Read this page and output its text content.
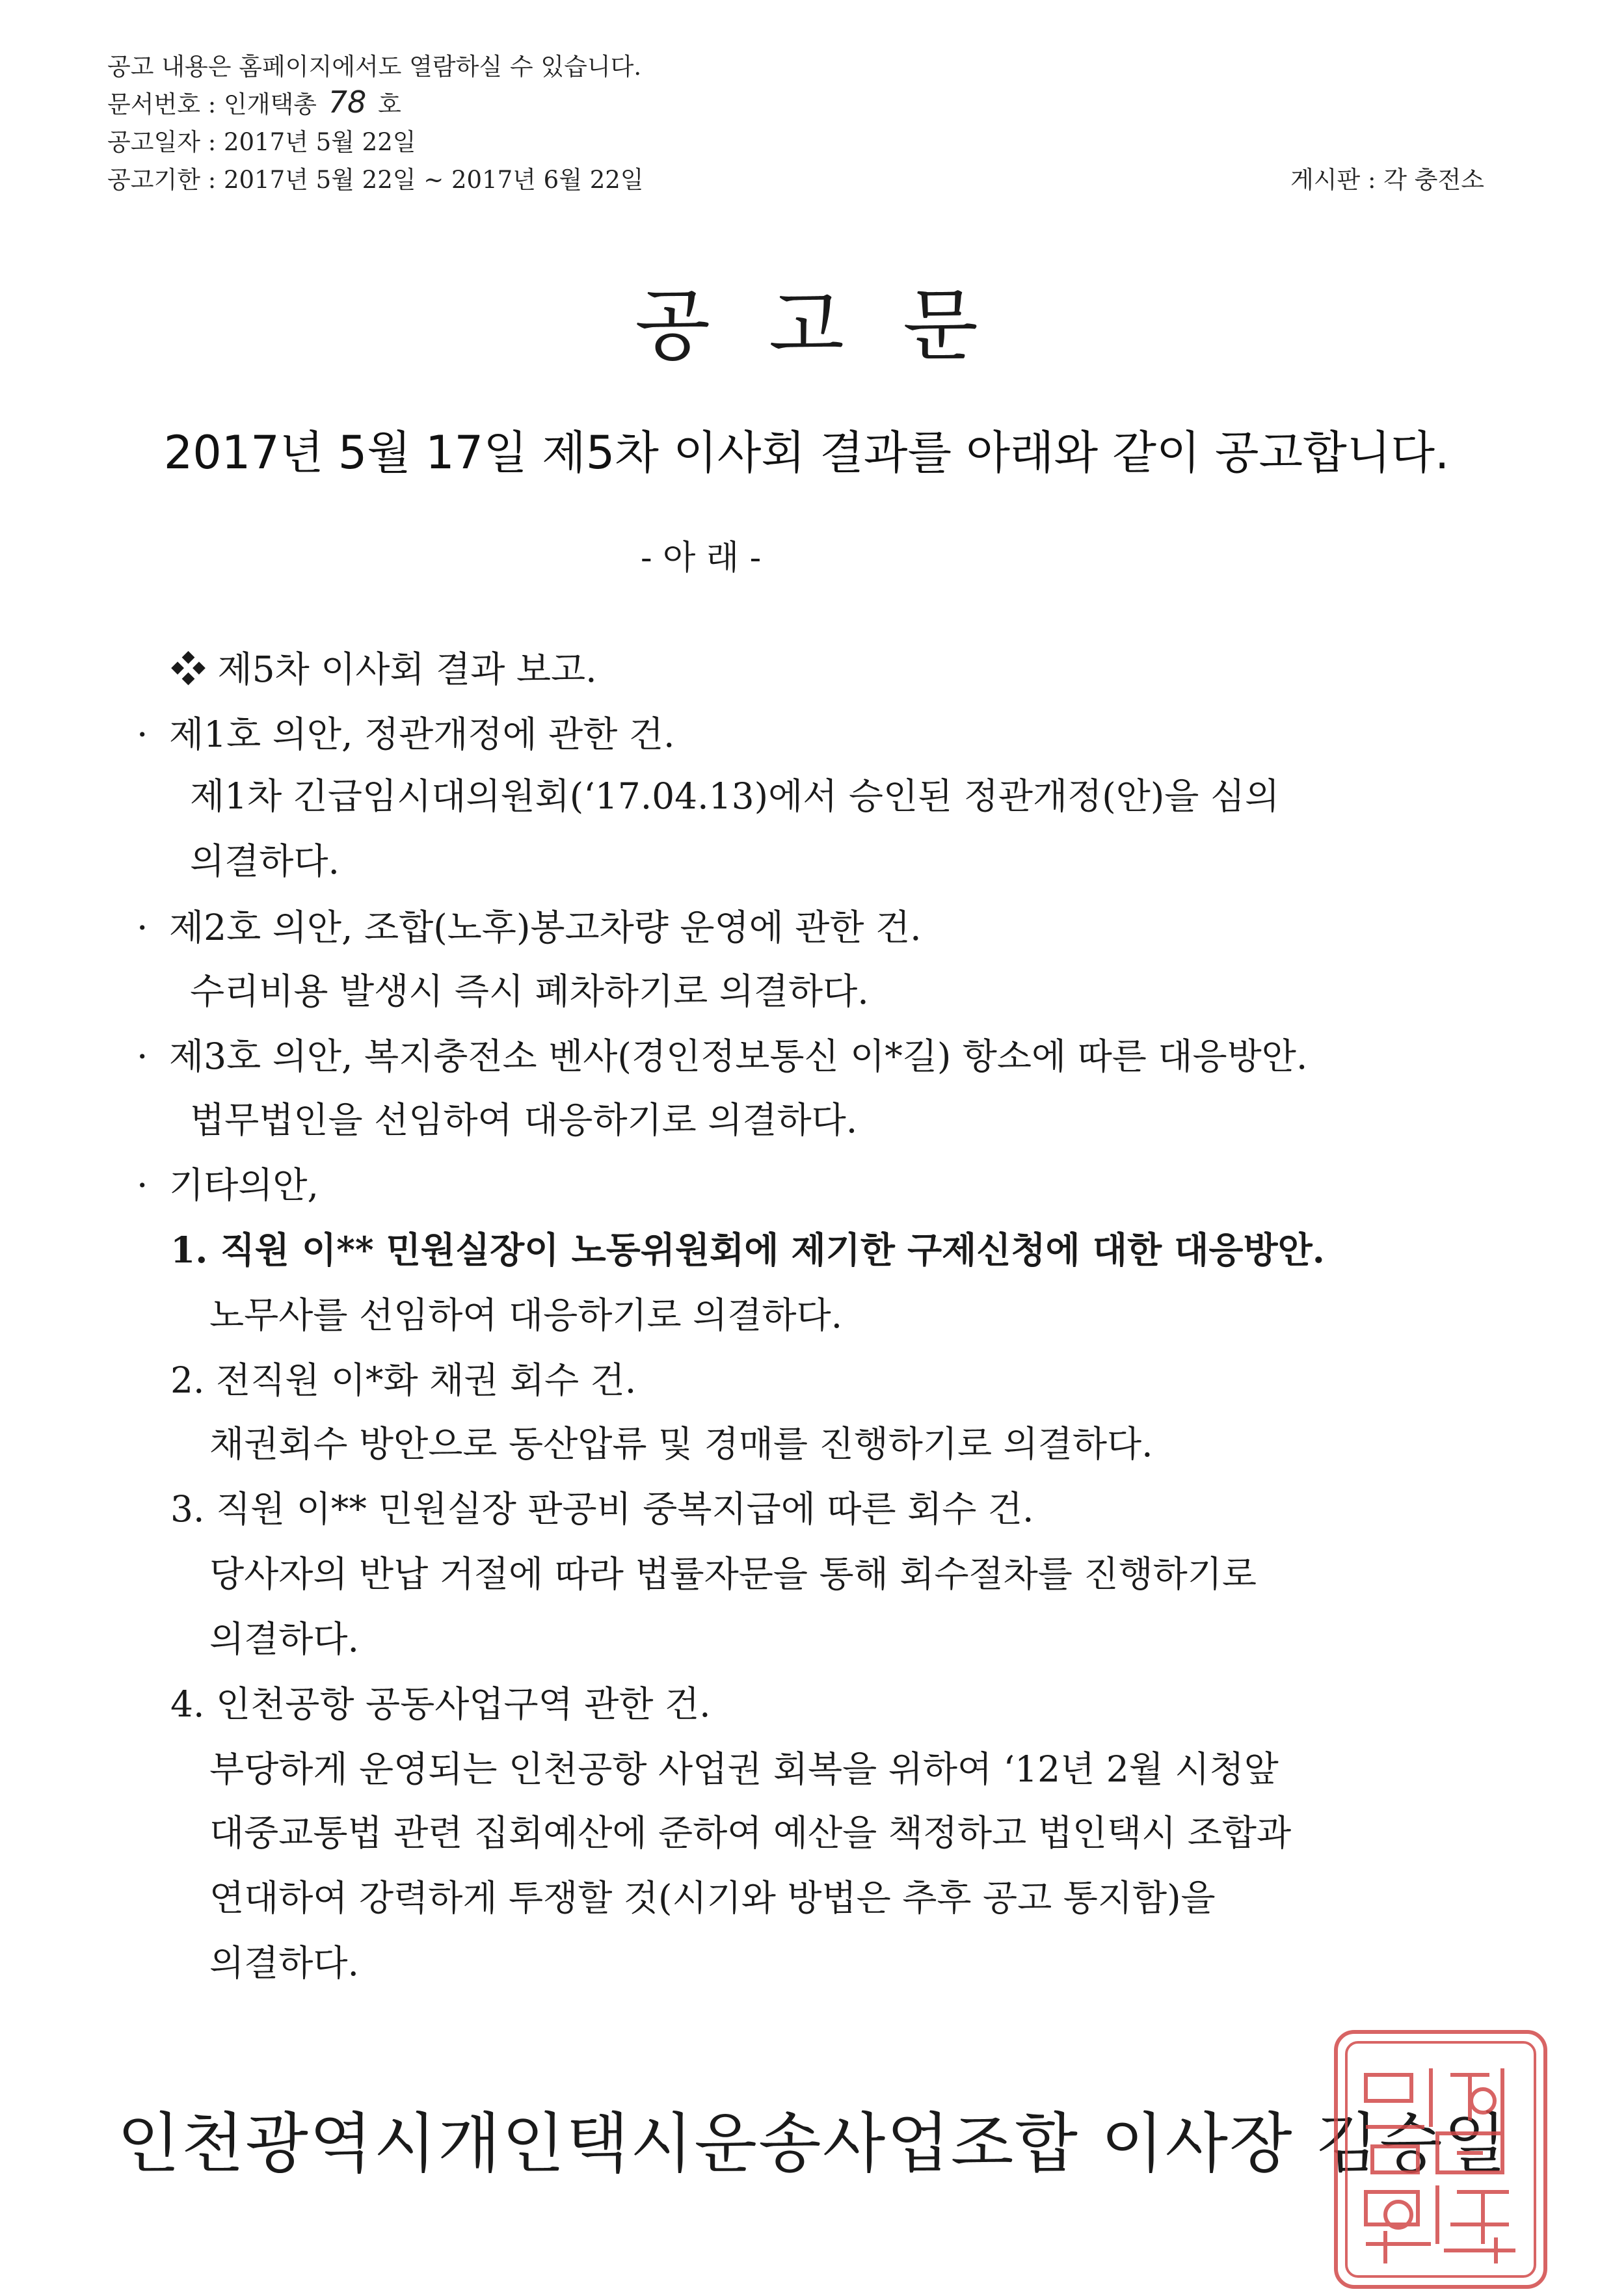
공고 내용은 홈페이지에서도 열람하실 수 있습니다.
문서번호 : 인개택총 78 호
공고일자 : 2017년 5월 22일
공고기한 : 2017년 5월 22일 ~ 2017년 6월 22일	게시판 : 각 충전소
공고문
2017년 5월 17일 제5차 이사회 결과를 아래와 같이 공고합니다.
- 아 래 -
❖ 제5차 이사회 결과 보고.
· 제1호 의안, 정관개정에 관한 건.
제1차 긴급임시대의원회(‘17.04.13)에서 승인된 정관개정(안)을 심의
의결하다.
· 제2호 의안, 조합(노후)봉고차량 운영에 관한 건.
수리비용 발생시 즉시 폐차하기로 의결하다.
· 제3호 의안, 복지충전소 벤사(경인정보통신 이*길) 항소에 따른 대응방안.
법무법인을 선임하여 대응하기로 의결하다.
· 기타의안,
1. 직원 이** 민원실장이 노동위원회에 제기한 구제신청에 대한 대응방안.
노무사를 선임하여 대응하기로 의결하다.
2. 전직원 이*화 채권 회수 건.
채권회수 방안으로 동산압류 및 경매를 진행하기로 의결하다.
3. 직원 이** 민원실장 판공비 중복지급에 따른 회수 건.
당사자의 반납 거절에 따라 법률자문을 통해 회수절차를 진행하기로
의결하다.
4. 인천공항 공동사업구역 관한 건.
부당하게 운영되는 인천공항 사업권 회복을 위하여 ‘12년 2월 시청앞
대중교통법 관련 집회예산에 준하여 예산을 책정하고 법인택시 조합과
연대하여 강력하게 투쟁할 것(시기와 방법은 추후 공고 통지함)을
의결하다.
인천광역시개인택시운송사업조합 이사장 김승일
